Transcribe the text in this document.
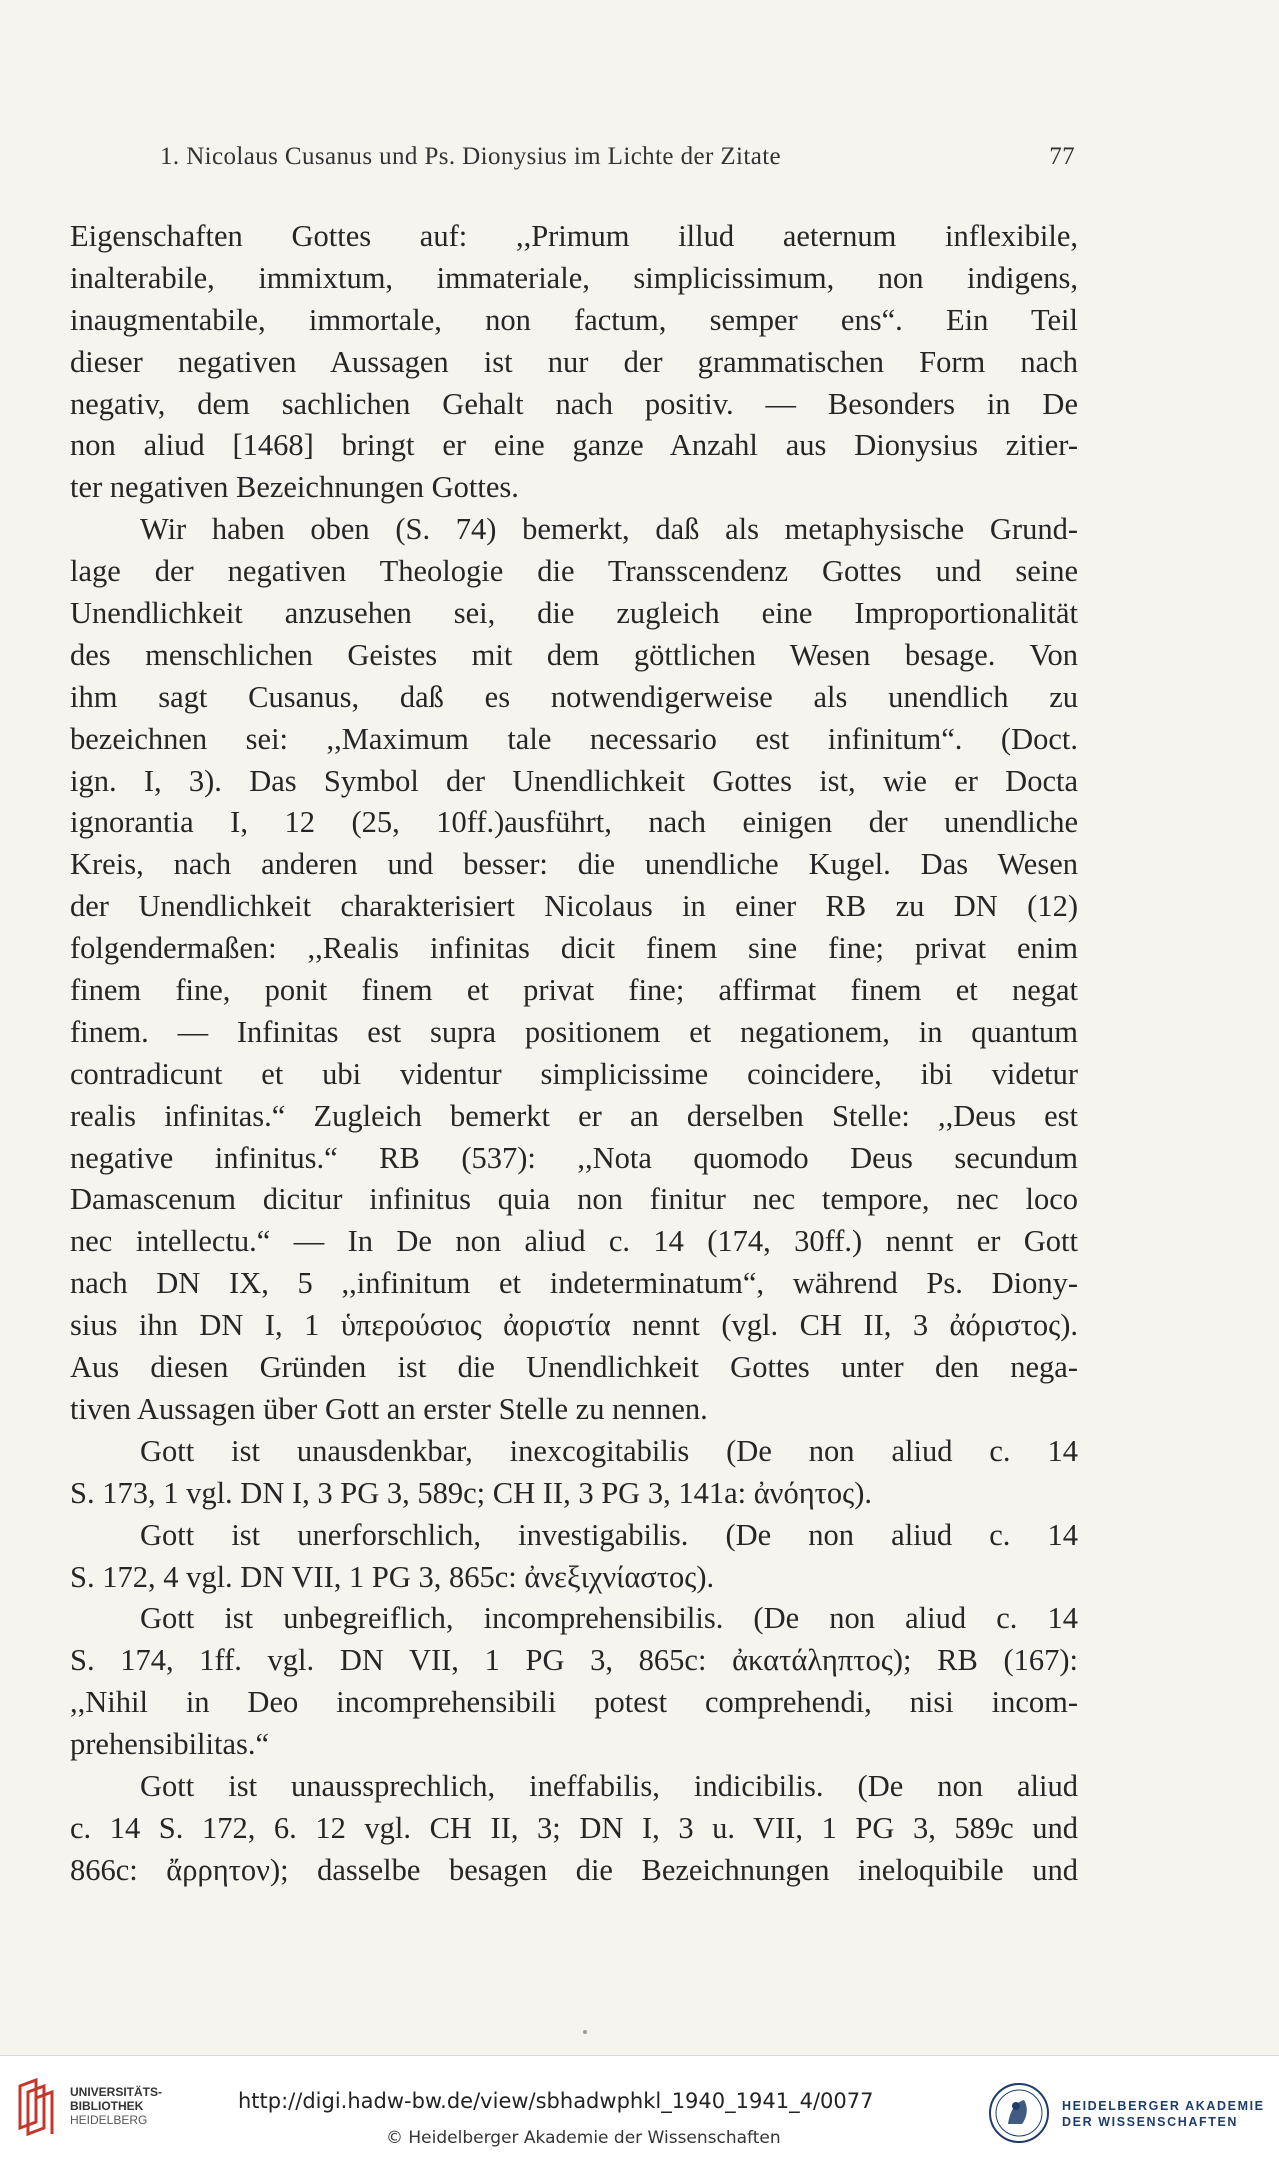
1. Nicolaus Cusanus und Ps. Dionysius im Lichte der Zitate	77
Eigenschaften Gottes auf: ,,Primum illud aeternum inflexibile,
inalterabile, immixtum, immateriale, simplicissimum, non indigens,
inaugmentabile, immortale, non factum, semper ens“. Ein Teil
dieser negativen Aussagen ist nur der grammatischen Form nach
negativ, dem sachlichen Gehalt nach positiv. — Besonders in De
non aliud [1468] bringt er eine ganze Anzahl aus Dionysius zitier-
ter negativen Bezeichnungen Gottes.
Wir haben oben (S. 74) bemerkt, daß als metaphysische Grund-
lage der negativen Theologie die Transscendenz Gottes und seine
Unendlichkeit anzusehen sei, die zugleich eine Improportionalität
des menschlichen Geistes mit dem göttlichen Wesen besage. Von
ihm sagt Cusanus, daß es notwendigerweise als unendlich zu
bezeichnen sei: ,,Maximum tale necessario est infinitum“. (Doct.
ign. I, 3). Das Symbol der Unendlichkeit Gottes ist, wie er Docta
ignorantia I, 12 (25, 10ff.)ausführt, nach einigen der unendliche
Kreis, nach anderen und besser: die unendliche Kugel. Das Wesen
der Unendlichkeit charakterisiert Nicolaus in einer RB zu DN (12)
folgendermaßen: ,,Realis infinitas dicit finem sine fine; privat enim
finem fine, ponit finem et privat fine; affirmat finem et negat
finem. — Infinitas est supra positionem et negationem, in quantum
contradicunt et ubi videntur simplicissime coincidere, ibi videtur
realis infinitas.“ Zugleich bemerkt er an derselben Stelle: ,,Deus est
negative infinitus.“ RB (537): ,,Nota quomodo Deus secundum
Damascenum dicitur infinitus quia non finitur nec tempore, nec loco
nec intellectu.“ — In De non aliud c. 14 (174, 30ff.) nennt er Gott
nach DN IX, 5 ,,infinitum et indeterminatum“, während Ps. Diony-
sius ihn DN I, 1 ὑπερούσιος ἀοριστία nennt (vgl. CH II, 3 ἀόριστος).
Aus diesen Gründen ist die Unendlichkeit Gottes unter den nega-
tiven Aussagen über Gott an erster Stelle zu nennen.
Gott ist unausdenkbar, inexcogitabilis (De non aliud c. 14
S. 173, 1 vgl. DN I, 3 PG 3, 589c; CH II, 3 PG 3, 141a: ἀνόητος).
Gott ist unerforschlich, investigabilis. (De non aliud c. 14
S. 172, 4 vgl. DN VII, 1 PG 3, 865c: ἀνεξιχνίαστος).
Gott ist unbegreiflich, incomprehensibilis. (De non aliud c. 14
S. 174, 1ff. vgl. DN VII, 1 PG 3, 865c: ἀκατάληπτος); RB (167):
,,Nihil in Deo incomprehensibili potest comprehendi, nisi incom-
prehensibilitas.“
Gott ist unaussprechlich, ineffabilis, indicibilis. (De non aliud
c. 14 S. 172, 6. 12 vgl. CH II, 3; DN I, 3 u. VII, 1 PG 3, 589c und
866c: ἄρρητον); dasselbe besagen die Bezeichnungen ineloquibile und
UNIVERSITÄTS-
BIBLIOTHEK
HEIDELBERG
http://digi.hadw-bw.de/view/sbhadwphkl_1940_1941_4/0077
© Heidelberger Akademie der Wissenschaften
HEIDELBERGER AKADEMIE
DER WISSENSCHAFTEN
